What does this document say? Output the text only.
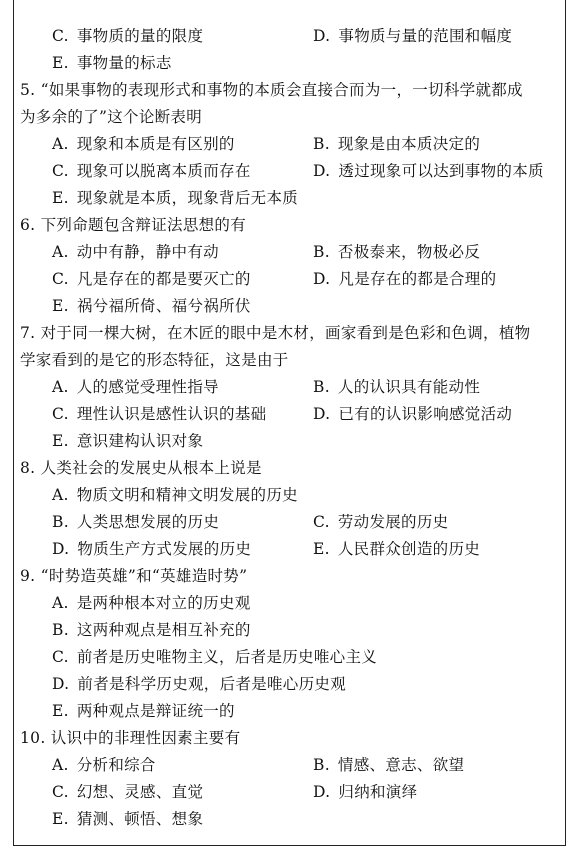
C. 事物质的量的限度	D. 事物质与量的范围和幅度
E. 事物量的标志
5. “如果事物的表现形式和事物的本质会直接合而为一，一切科学就都成
为多余的了”这个论断表明
A. 现象和本质是有区别的	B. 现象是由本质决定的
C. 现象可以脱离本质而存在	D. 透过现象可以达到事物的本质
E. 现象就是本质，现象背后无本质
6. 下列命题包含辩证法思想的有
A. 动中有静，静中有动	B. 否极泰来，物极必反
C. 凡是存在的都是要灭亡的	D. 凡是存在的都是合理的
E. 祸兮福所倚、福兮祸所伏
7. 对于同一棵大树，在木匠的眼中是木材，画家看到是色彩和色调，植物
学家看到的是它的形态特征，这是由于
A. 人的感觉受理性指导	B. 人的认识具有能动性
C. 理性认识是感性认识的基础	D. 已有的认识影响感觉活动
E. 意识建构认识对象
8. 人类社会的发展史从根本上说是
A. 物质文明和精神文明发展的历史
B. 人类思想发展的历史	C. 劳动发展的历史
D. 物质生产方式发展的历史	E. 人民群众创造的历史
9. “时势造英雄”和“英雄造时势”
A. 是两种根本对立的历史观
B. 这两种观点是相互补充的
C. 前者是历史唯物主义，后者是历史唯心主义
D. 前者是科学历史观，后者是唯心历史观
E. 两种观点是辩证统一的
10. 认识中的非理性因素主要有
A. 分析和综合	B. 情感、意志、欲望
C. 幻想、灵感、直觉	D. 归纳和演绎
E. 猜测、顿悟、想象
